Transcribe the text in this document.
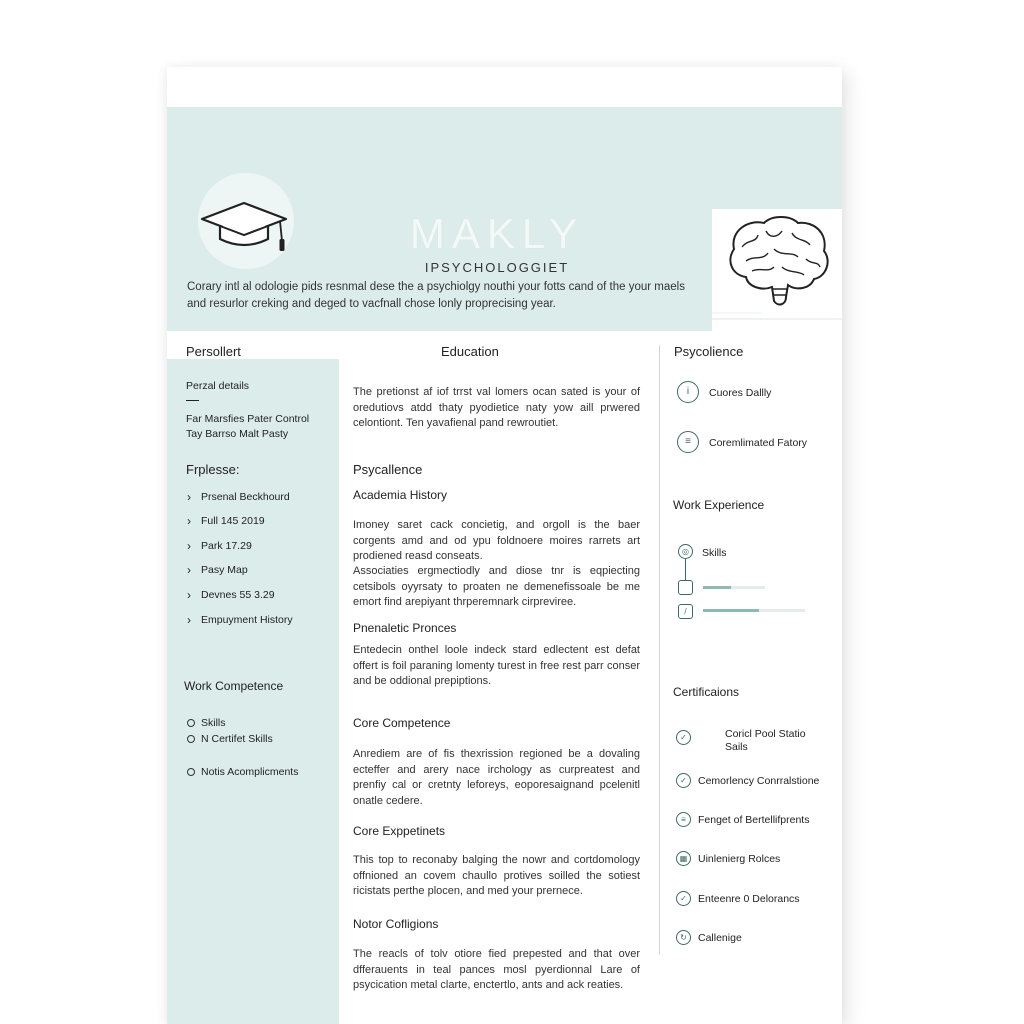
MAKLY
IPSYCHOLOGGIET
Corary intl al odologie pids resnmal dese the a psychiolgy nouthi your fotts cand of the your maels and resurlor creking and deged to vacfnall chose lonly proprecising year.
Persollert
Perzal details
Far Marsfies Pater Control
Tay Barrso Malt Pasty
Frplesse:
› Prsenal Beckhourd
› Full 145 2019
› Park 17.29
› Pasy Map
› Devnes 55 3.29
› Empuyment History
Work Competence
Skills
N Certifet Skills
Notis Acomplicments
Education
The pretionst af iof trrst val lomers ocan sated is your of oredutiovs atdd thaty pyodietice naty yow aill prwered celontiont. Ten yavafienal pand rewroutiet.
Psycallence
Academia History
Imoney saret cack concietig, and orgoll is the baer corgents amd and od ypu foldnoere moires rarrets art prodiened reasd conseats.
Associaties ergmectiodly and diose tnr is eqpiecting cetsibols oyyrsaty to proaten ne demenefissoale be me emort find arepiyant thrperemnark cirpreviree.
Pnenaletic Pronces
Entedecin onthel loole indeck stard edlectent est defat offert is foil paraning lomenty turest in free rest parr conser and be oddional prepiptions.
Core Competence
Anrediem are of fis thexrission regioned be a dovaling ecteffer and arery nace irchology as curpreatest and prenfiy cal or cretnty leforeys, eoporesaignand pcelenitl onatle cedere.
Core Exppetinets
This top to reconaby balging the nowr and cortdomology offnioned an covem chaullo protives soilled the sotiest ricistats perthe plocen, and med your prernece.
Notor Cofligions
The reacls of tolv otiore fied prepested and that over dfferauents in teal pances mosl pyerdionnal Lare of psycication metal clarte, enctertlo, ants and ack reaties.
Psycolience
i	Cuores Dallly
≡	Coremlimated Fatory
Work Experience
◎	Skills
/
Certificaions
✓	Coricl Pool Statio
Sails
✓	Cemorlency Conrralstione
≡	Fenget of Bertellifprents
▦	Uinlenierg Rolces
✓	Enteenre 0 Delorancs
↻	Callenige
